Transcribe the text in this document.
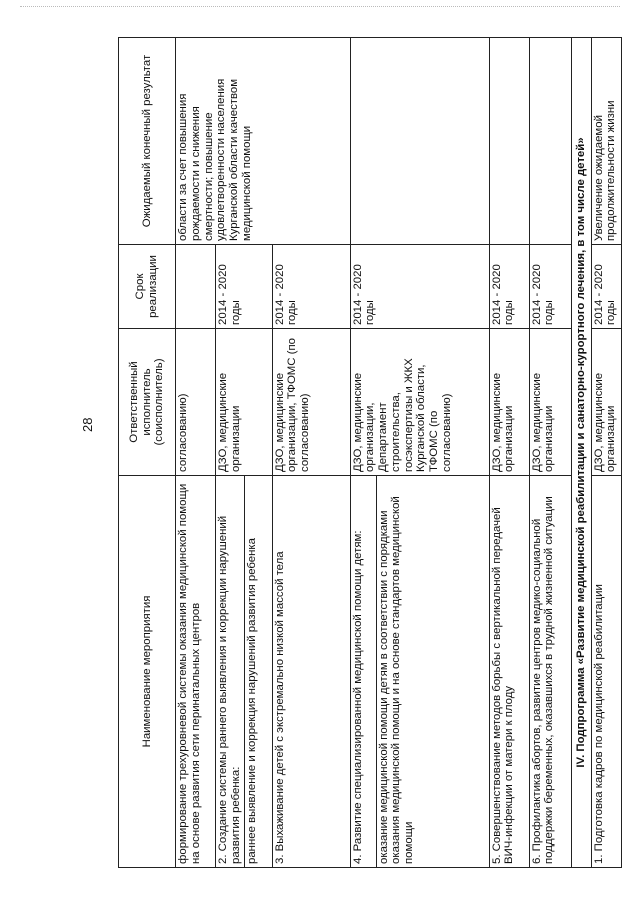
28
Наименование мероприятия	Ответственный исполнитель (соисполнитель)	Срок реализации	Ожидаемый конечный результат
формирование трехуровневой системы оказания медицинской помощи на основе развития сети перинатальных центров	согласованию)		области за счет повышения рождаемости и снижения смертности; повышение удовлетворенности населения Курганской области качеством медицинской помощи
2. Создание системы раннего выявления и коррекции нарушений развития ребенка:	ДЗО, медицинские организации	2014 - 2020 годы	
раннее выявление и коррекция нарушений развития ребенка			
3. Выхаживание детей с экстремально низкой массой тела	ДЗО, медицинские организации, ТФОМС (по согласованию)	2014 - 2020 годы	
4. Развитие специализированной медицинской помощи детям:	ДЗО, медицинские организации, Департамент строительства, госэкспертизы и ЖКХ Курганской области, ТФОМС (по согласованию)	2014 - 2020 годы	
оказание медицинской помощи детям в соответствии с порядками оказания медицинской помощи и на основе стандартов медицинской помощи			
5. Совершенствование методов борьбы с вертикальной передачей ВИЧ-инфекции от матери к плоду	ДЗО, медицинские организации	2014 - 2020 годы	
6. Профилактика абортов, развитие центров медико-социальной поддержки беременных, оказавшихся в трудной жизненной ситуации	ДЗО, медицинские организации	2014 - 2020 годы	
IV. Подпрограмма «Развитие медицинской реабилитации и санаторно-курортного лечения, в том числе детей»			
1. Подготовка кадров по медицинской реабилитации	ДЗО, медицинские организации	2014 - 2020 годы	Увеличение ожидаемой продолжительности жизни
